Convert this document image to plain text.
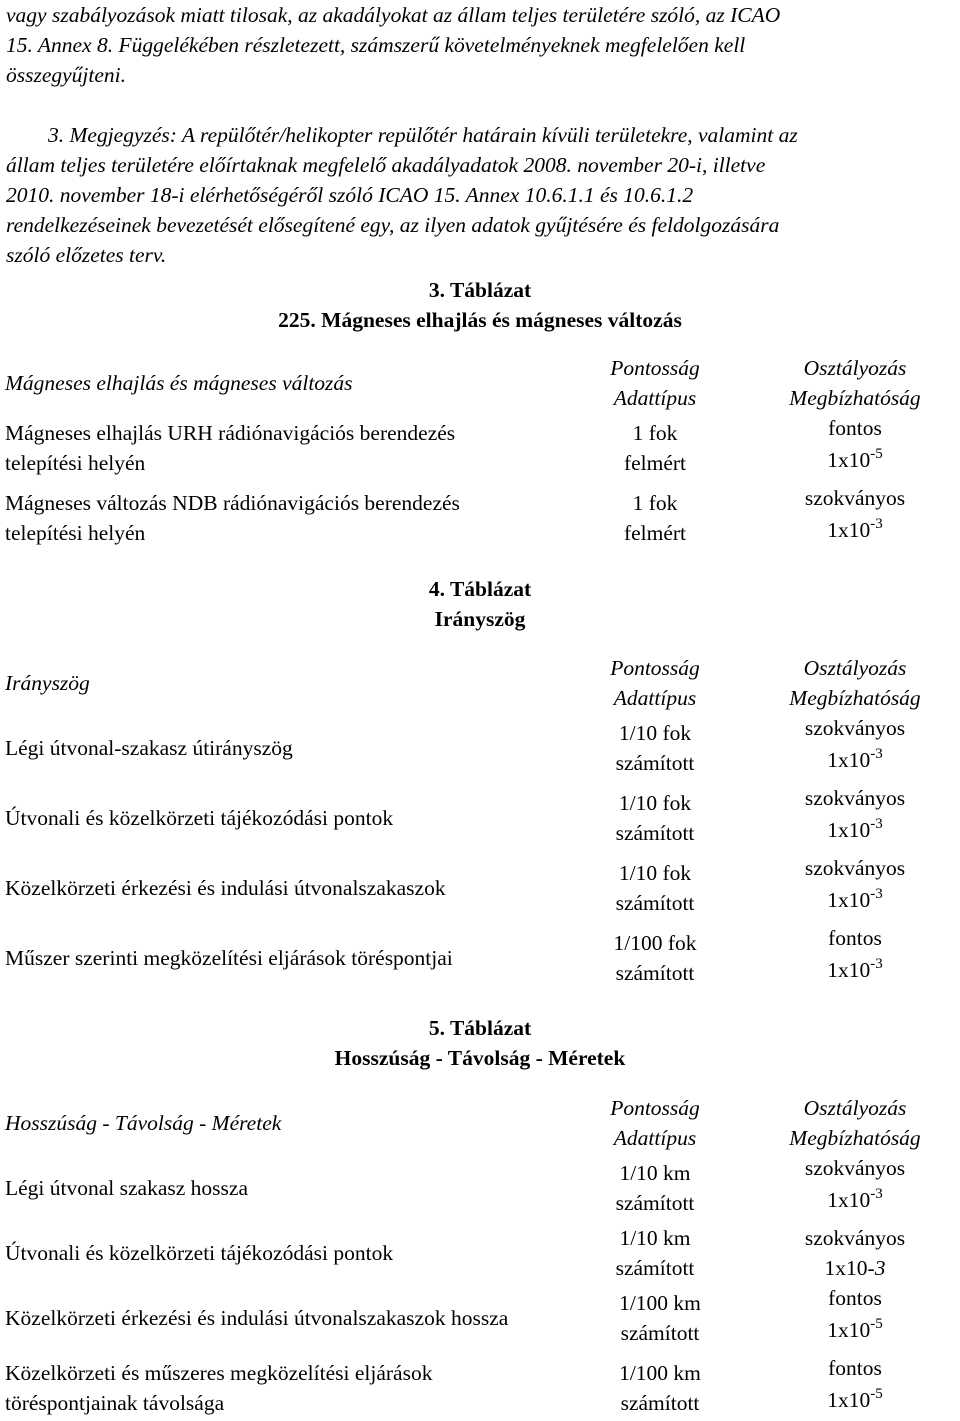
vagy szabályozások miatt tilosak, az akadályokat az állam teljes területére szóló, az ICAO
15. Annex 8. Függelékében részletezett, számszerű követelményeknek megfelelően kell
összegyűjteni.

3. Megjegyzés: A repülőtér/helikopter repülőtér határain kívüli területekre, valamint az
állam teljes területére előírtaknak megfelelő akadályadatok 2008. november 20-i, illetve
2010. november 18-i elérhetőségéről szóló ICAO 15. Annex 10.6.1.1 és 10.6.1.2
rendelkezéseinek bevezetését elősegítené egy, az ilyen adatok gyűjtésére és feldolgozására
szóló előzetes terv.

3. Táblázat
225. Mágneses elhajlás és mágneses változás
Mágneses elhajlás és mágneses változás
Pontosság
Adattípus
Osztályozás
Megbízhatóság
Mágneses elhajlás URH rádiónavigációs berendezés
telepítési helyén
1 fok
felmért
fontos
$1x10^{-5}$
Mágneses változás NDB rádiónavigációs berendezés
telepítési helyén
1 fok
felmért
szokványos
$1x10^{-3}$
4. Táblázat
Irányszög
Irányszög
Pontosság
Adattípus
Osztályozás
Megbízhatóság
Légi útvonal-szakasz útirányszög
1/10 fok
számított
szokványos
$1x10^{-3}$
Útvonali és közelkörzeti tájékozódási pontok
1/10 fok
számított
szokványos
$1x10^{-3}$
Közelkörzeti érkezési és indulási útvonalszakaszok
1/10 fok
számított
szokványos
$1x10^{-3}$
Műszer szerinti megközelítési eljárások töréspontjai
1/100 fok
számított
fontos
$1x10^{-3}$
5. Táblázat
Hosszúság - Távolság - Méretek
Hosszúság - Távolság - Méretek
Pontosság
Adattípus
Osztályozás
Megbízhatóság
Légi útvonal szakasz hossza
1/10 km
számított
szokványos
$1x10^{-3}$
Útvonali és közelkörzeti tájékozódási pontok
1/10 km
számított
szokványos
1x10-3
Közelkörzeti érkezési és indulási útvonalszakaszok hossza
1/100 km
számított
fontos
$1x10^{-5}$
Közelkörzeti és műszeres megközelítési eljárások
töréspontjainak távolsága
1/100 km
számított
fontos
$1x10^{-5}$
